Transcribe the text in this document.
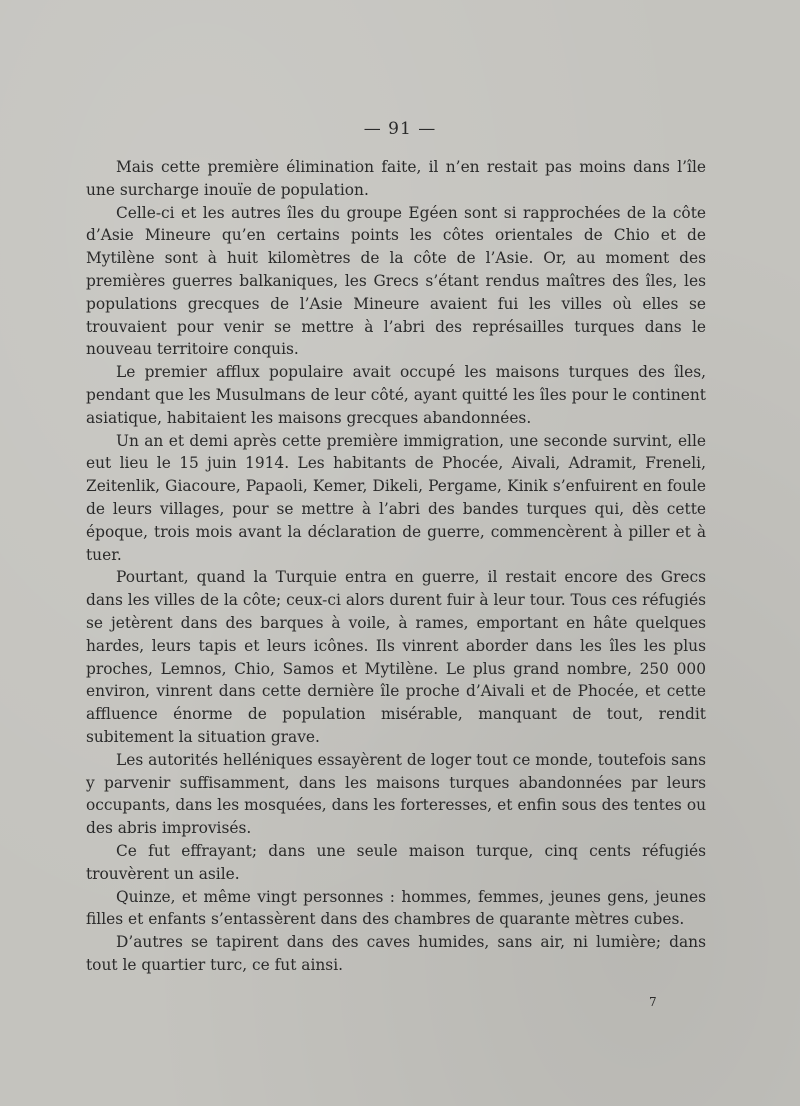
— 91 —

Mais cette première élimination faite, il n’en restait pas moins dans l’île une surcharge inouïe de population.

Celle-ci et les autres îles du groupe Egéen sont si rapprochées de la côte d’Asie Mineure qu’en certains points les côtes orientales de Chio et de Mytilène sont à huit kilomètres de la côte de l’Asie. Or, au moment des premières guerres balkaniques, les Grecs s’étant rendus maîtres des îles, les populations grecques de l’Asie Mineure avaient fui les villes où elles se trouvaient pour venir se mettre à l’abri des représailles turques dans le nouveau territoire conquis.

Le premier afflux populaire avait occupé les maisons turques des îles, pendant que les Musulmans de leur côté, ayant quitté les îles pour le continent asiatique, habitaient les maisons grecques abandonnées.

Un an et demi après cette première immigration, une seconde survint, elle eut lieu le 15 juin 1914. Les habitants de Phocée, Aivali, Adramit, Freneli, Zeitenlik, Giacoure, Papaoli, Kemer, Dikeli, Pergame, Kinik s’enfuirent en foule de leurs villages, pour se mettre à l’abri des bandes turques qui, dès cette époque, trois mois avant la déclaration de guerre, commencèrent à piller et à tuer.

Pourtant, quand la Turquie entra en guerre, il restait encore des Grecs dans les villes de la côte; ceux-ci alors durent fuir à leur tour. Tous ces réfugiés se jetèrent dans des barques à voile, à rames, emportant en hâte quelques hardes, leurs tapis et leurs icônes. Ils vinrent aborder dans les îles les plus proches, Lemnos, Chio, Samos et Mytilène. Le plus grand nombre, 250 000 environ, vinrent dans cette dernière île proche d’Aivali et de Phocée, et cette affluence énorme de population misérable, manquant de tout, rendit subitement la situation grave.

Les autorités helléniques essayèrent de loger tout ce monde, toutefois sans y parvenir suffisamment, dans les maisons turques abandonnées par leurs occupants, dans les mosquées, dans les forteresses, et enfin sous des tentes ou des abris improvisés.

Ce fut effrayant; dans une seule maison turque, cinq cents réfugiés trouvèrent un asile.

Quinze, et même vingt personnes : hommes, femmes, jeunes gens, jeunes filles et enfants s’entassèrent dans des chambres de quarante mètres cubes.

D’autres se tapirent dans des caves humides, sans air, ni lumière; dans tout le quartier turc, ce fut ainsi.

7
